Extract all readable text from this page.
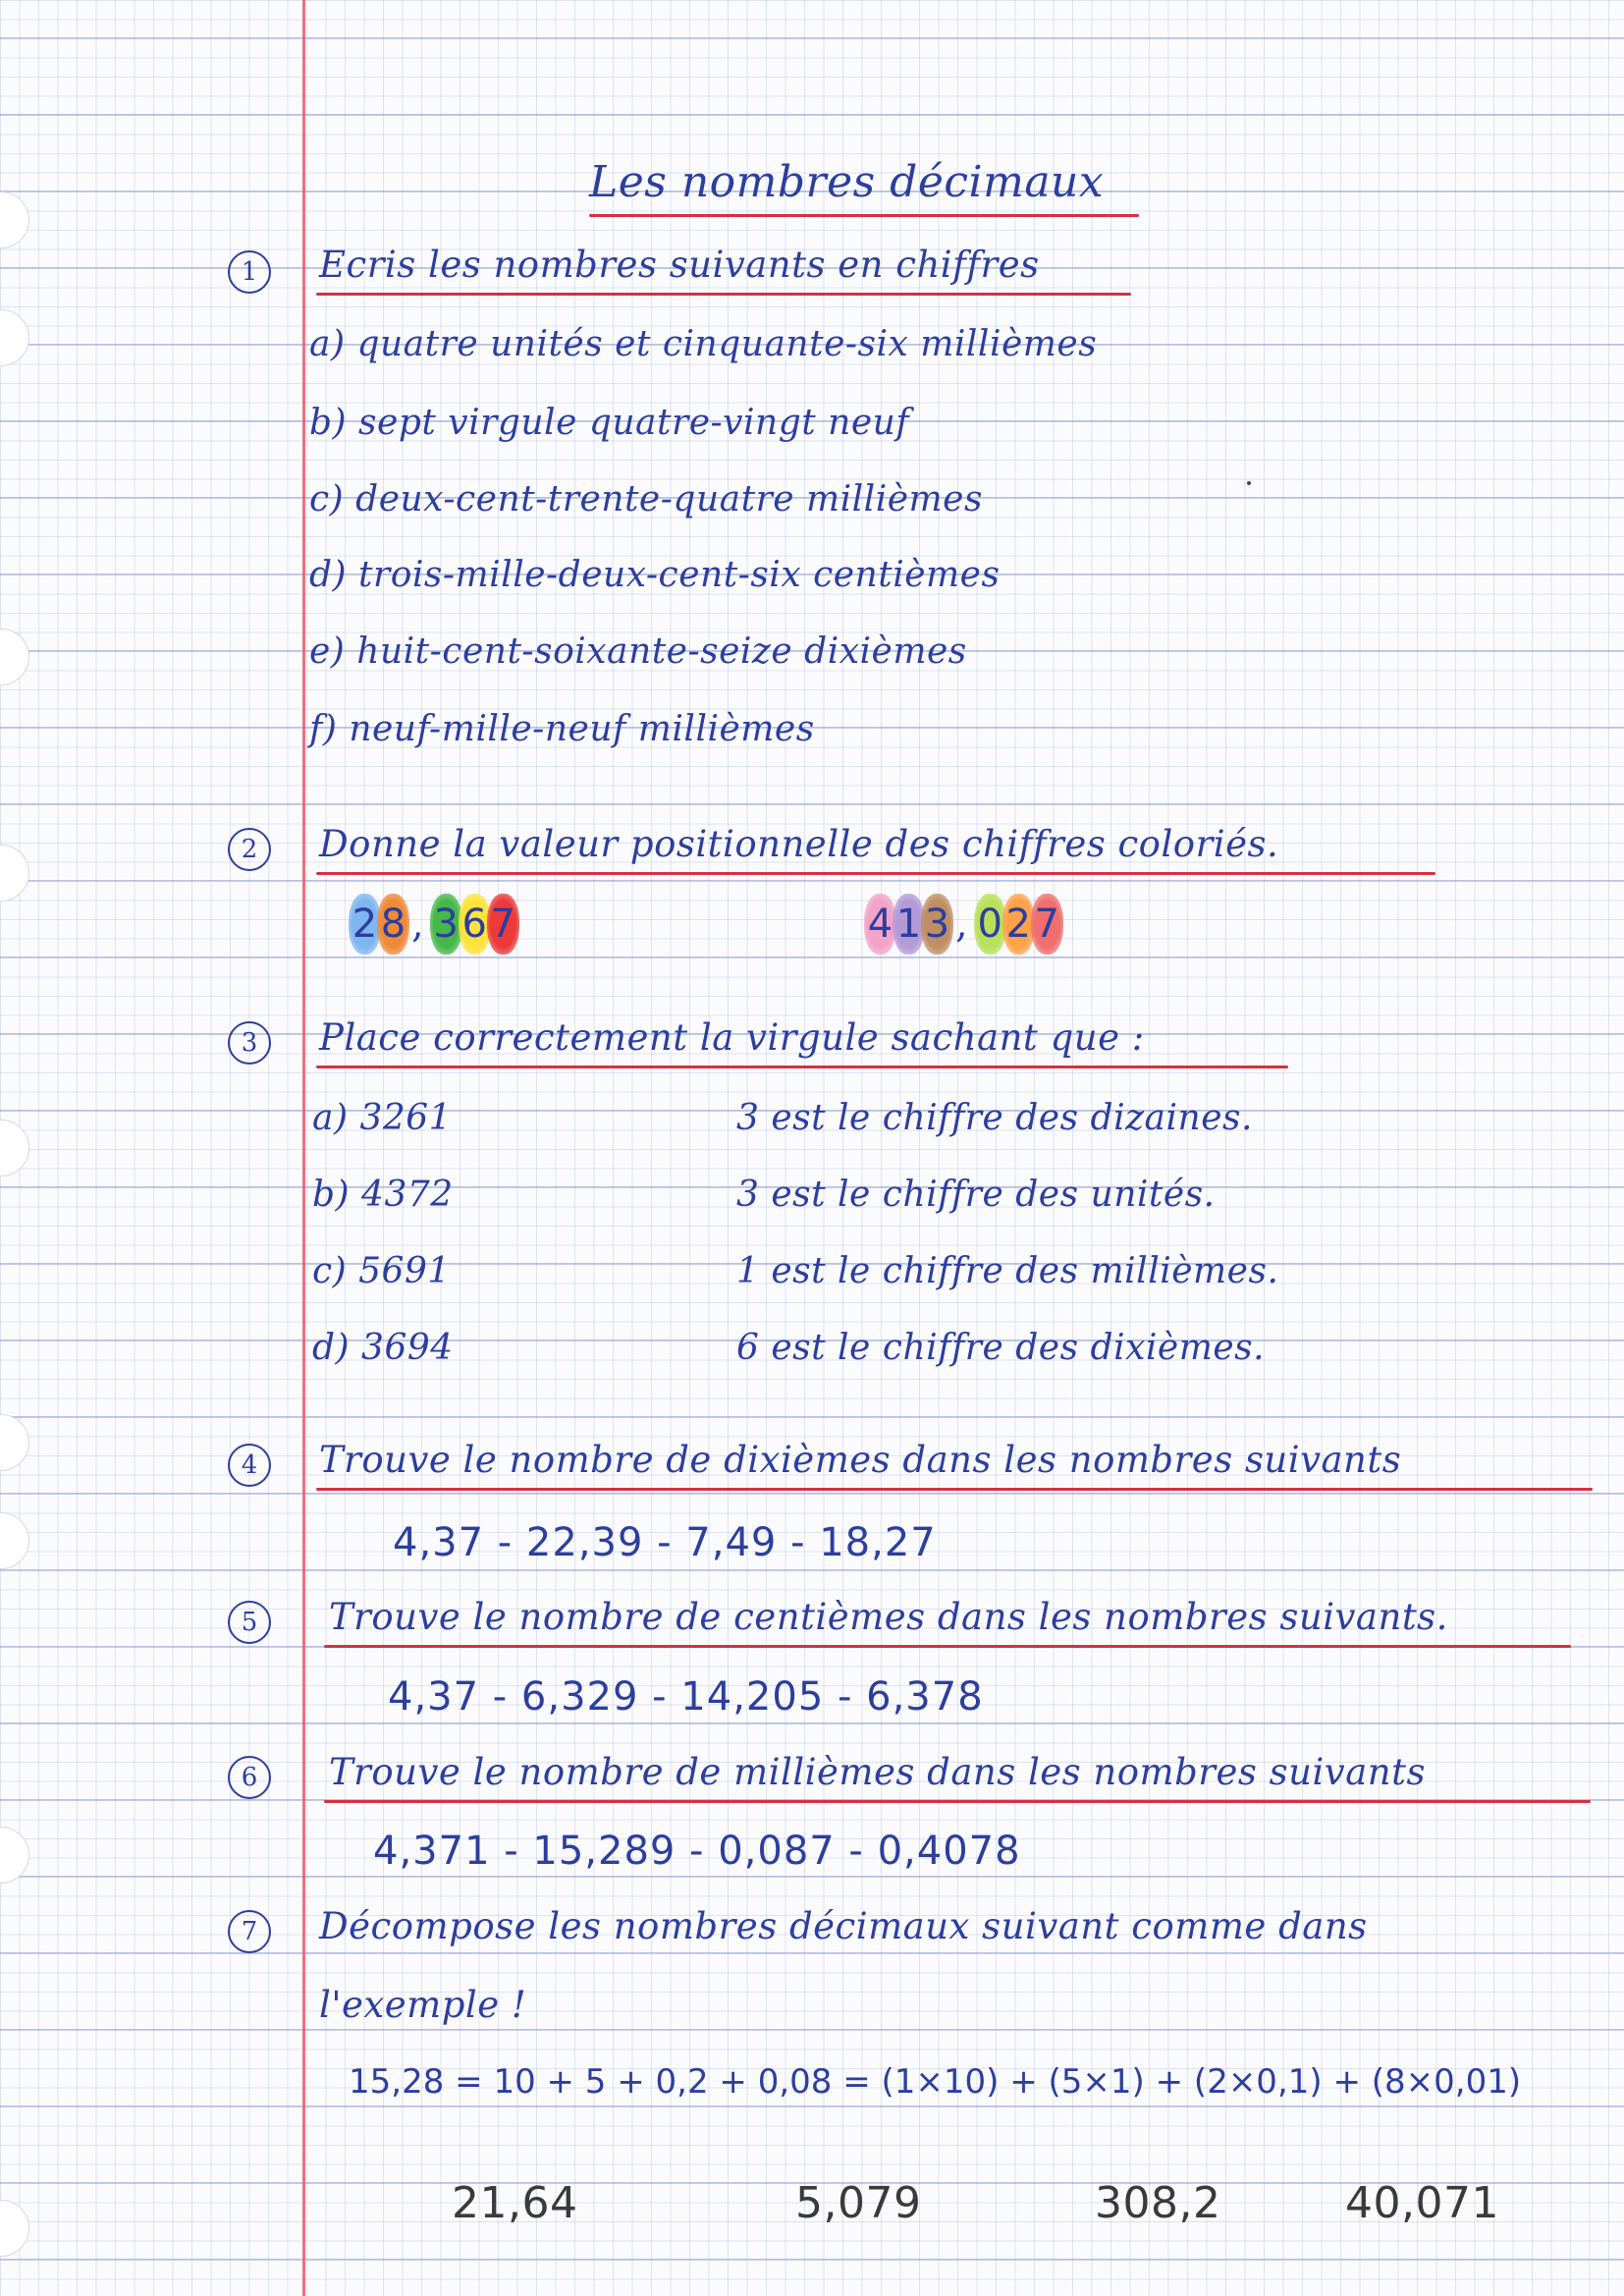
Les nombres décimaux
1	Ecris les nombres suivants en chiffres
a) quatre unités et cinquante-six millièmes
b) sept virgule quatre-vingt neuf
c) deux-cent-trente-quatre millièmes
d) trois-mille-deux-cent-six centièmes
e) huit-cent-soixante-seize dixièmes
f) neuf-mille-neuf millièmes
2	Donne la valeur positionnelle des chiffres coloriés.
28 , 367	413 , 027
3	Place correctement la virgule sachant que :
a) 3261	3 est le chiffre des dizaines.
b) 4372	3 est le chiffre des unités.
c) 5691	1 est le chiffre des millièmes.
d) 3694	6 est le chiffre des dixièmes.
4	Trouve le nombre de dixièmes dans les nombres suivants
4,37 - 22,39 - 7,49 - 18,27
5	Trouve le nombre de centièmes dans les nombres suivants.
4,37 - 6,329 - 14,205 - 6,378
6	Trouve le nombre de millièmes dans les nombres suivants
4,371 - 15,289 - 0,087 - 0,4078
7	Décompose les nombres décimaux suivant comme dans
l'exemple !
15,28 = 10 + 5 + 0,2 + 0,08 = (1×10) + (5×1) + (2×0,1) + (8×0,01)
21,64	5,079	308,2	40,071
